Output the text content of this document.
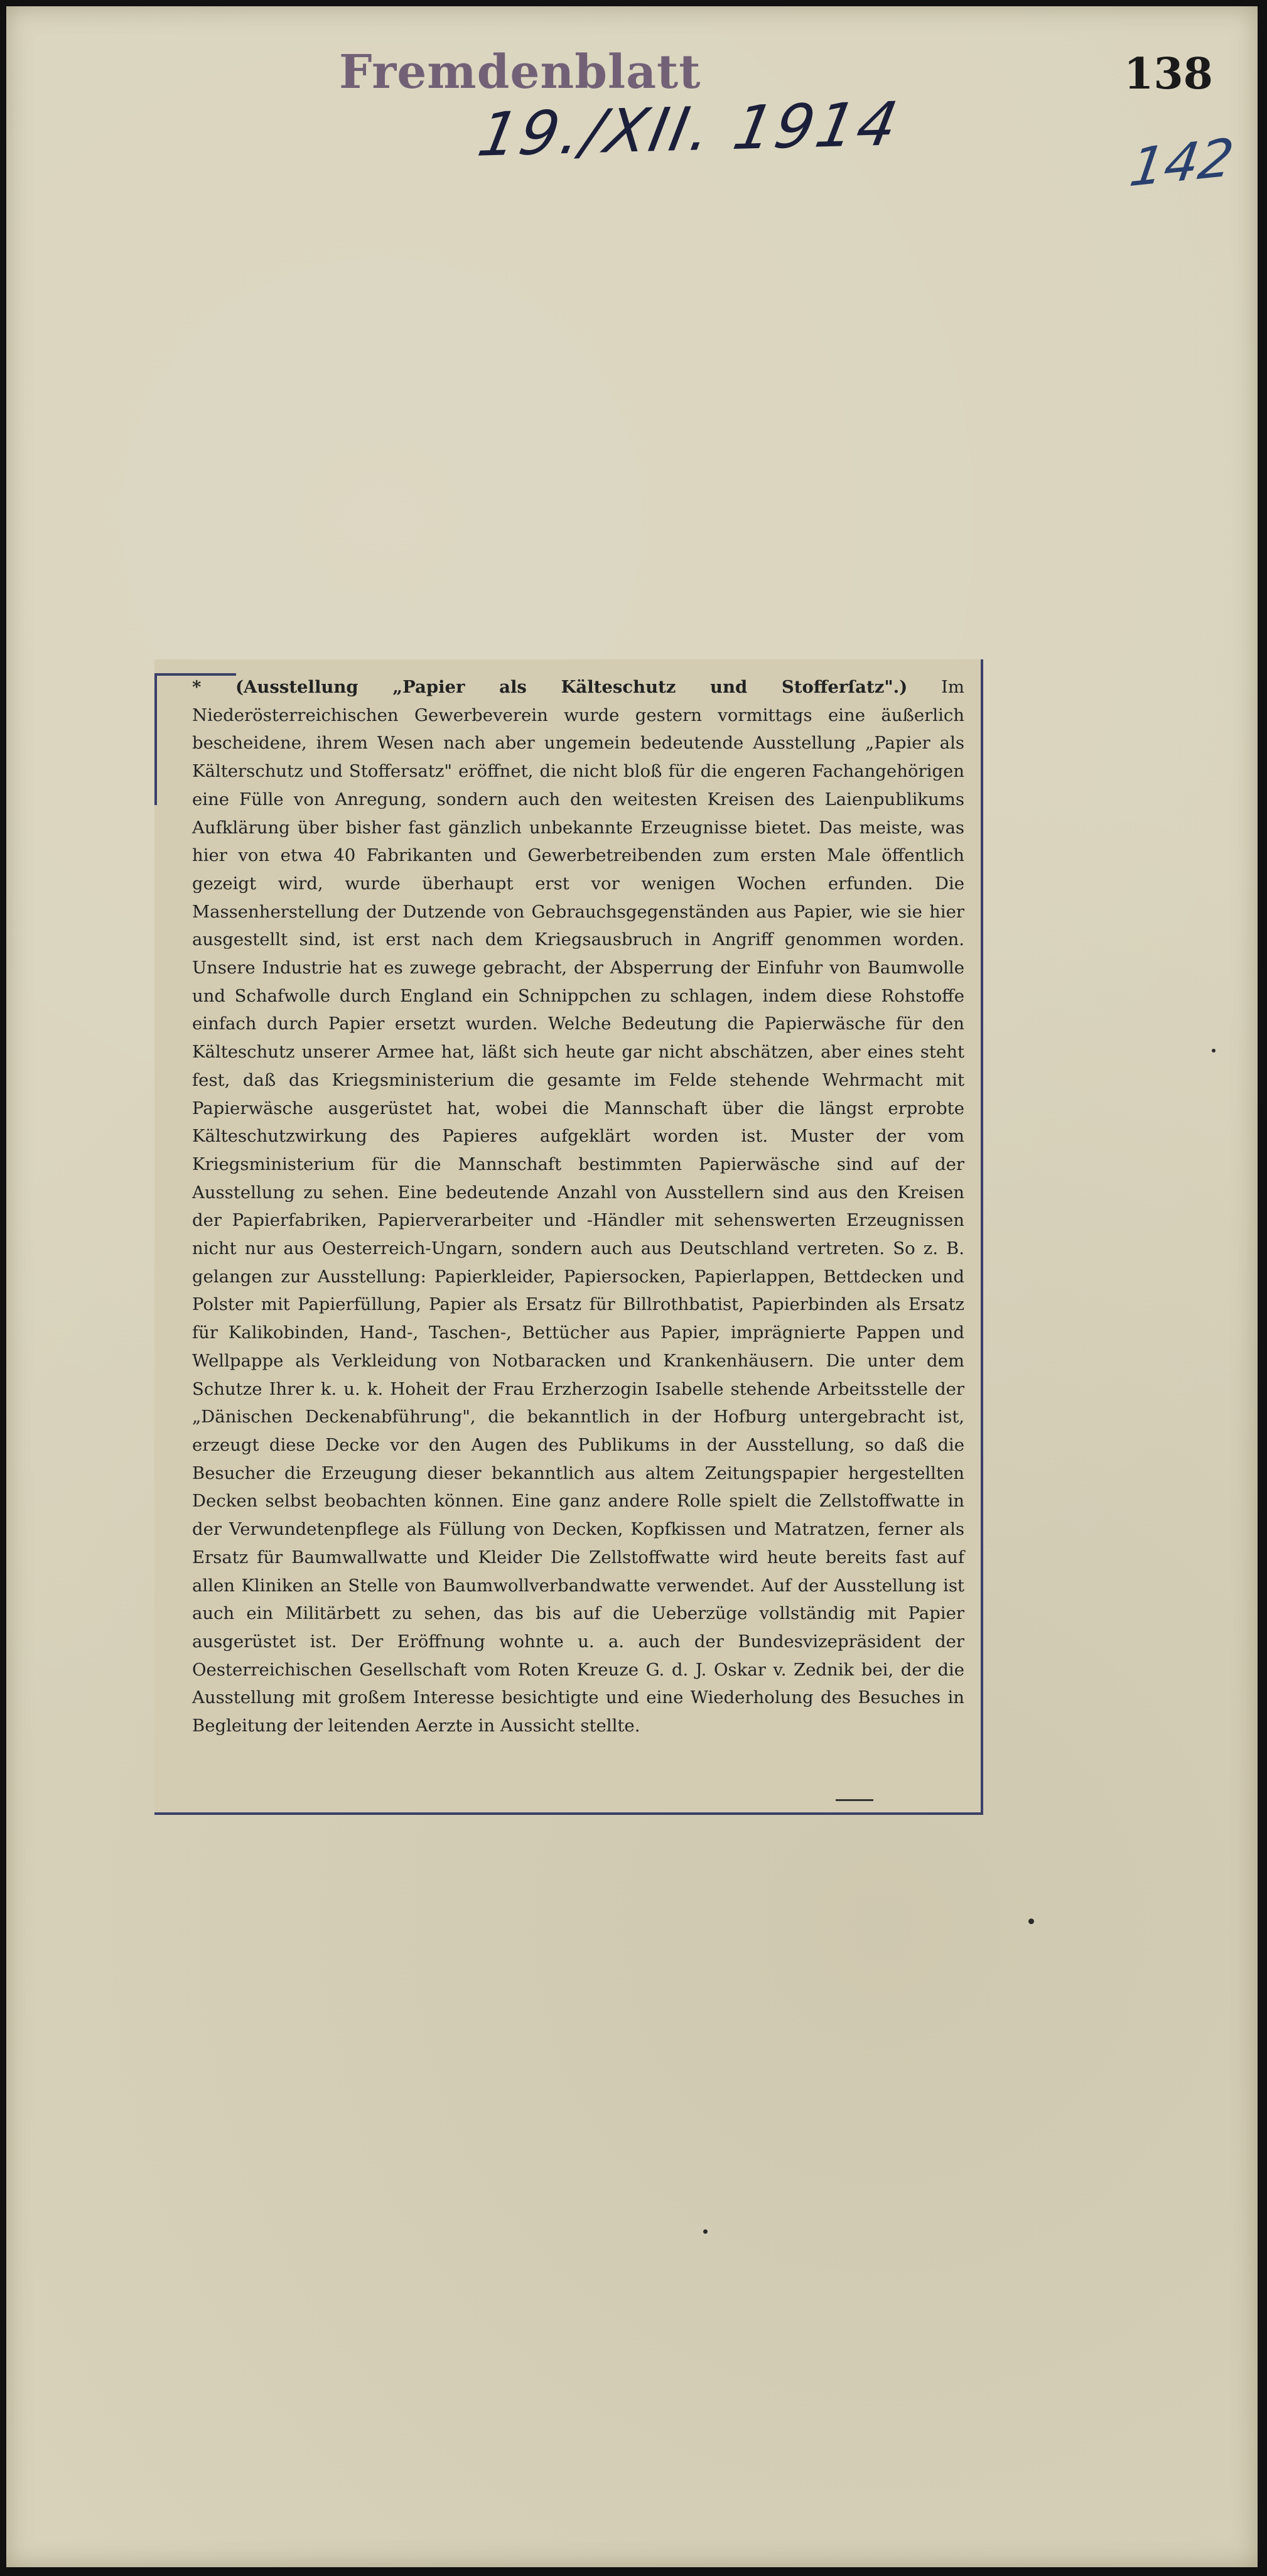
Fremdenblatt
19./XII. 1914
138
142

* (Ausstellung „Papier als Kälteschutz und Stofferſatz".) Im Niederösterreichischen Gewerbeverein wurde gestern vormittags eine äußerlich bescheidene, ihrem Wesen nach aber ungemein bedeutende Ausstellung „Papier als Kälterschutz und Stoffersatz" eröffnet, die nicht bloß für die engeren Fachangehörigen eine Fülle von Anregung, sondern auch den weitesten Kreisen des Laienpublikums Aufklärung über bisher fast gänzlich unbekannte Erzeugnisse bietet. Das meiste, was hier von etwa 40 Fabrikanten und Gewerbetreibenden zum ersten Male öffentlich gezeigt wird, wurde überhaupt erst vor wenigen Wochen erfunden. Die Massenherstellung der Dutzende von Gebrauchsgegenständen aus Papier, wie sie hier ausgestellt sind, ist erst nach dem Kriegsausbruch in Angriff genommen worden. Unsere Industrie hat es zuwege gebracht, der Absperrung der Einfuhr von Baumwolle und Schafwolle durch England ein Schnippchen zu schlagen, indem diese Rohstoffe einfach durch Papier ersetzt wurden. Welche Bedeutung die Papierwäsche für den Kälteschutz unserer Armee hat, läßt sich heute gar nicht abschätzen, aber eines steht fest, daß das Kriegsministerium die gesamte im Felde stehende Wehrmacht mit Papierwäsche ausgerüstet hat, wobei die Mannschaft über die längst erprobte Kälteschutzwirkung des Papieres aufgeklärt worden ist. Muster der vom Kriegsministerium für die Mannschaft bestimmten Papierwäsche sind auf der Ausstellung zu sehen. Eine bedeutende Anzahl von Ausstellern sind aus den Kreisen der Papierfabriken, Papierverarbeiter und -Händler mit sehenswerten Erzeugnissen nicht nur aus Oesterreich-Ungarn, sondern auch aus Deutschland vertreten. So z. B. gelangen zur Ausstellung: Papierkleider, Papiersocken, Papierlappen, Bettdecken und Polster mit Papierfüllung, Papier als Ersatz für Billrothbatist, Papierbinden als Ersatz für Kalikobinden, Hand-, Taschen-, Bettücher aus Papier, imprägnierte Pappen und Wellpappe als Verkleidung von Notbaracken und Krankenhäusern. Die unter dem Schutze Ihrer k. u. k. Hoheit der Frau Erzherzogin Isabelle stehende Arbeitsstelle der „Dänischen Deckenabführung", die bekanntlich in der Hofburg untergebracht ist, erzeugt diese Decke vor den Augen des Publikums in der Ausstellung, so daß die Besucher die Erzeugung dieser bekanntlich aus altem Zeitungspapier hergestellten Decken selbst beobachten können. Eine ganz andere Rolle spielt die Zellstoffwatte in der Verwundetenpflege als Füllung von Decken, Kopfkissen und Matratzen, ferner als Ersatz für Baumwallwatte und Kleider Die Zellstoffwatte wird heute bereits fast auf allen Kliniken an Stelle von Baumwollverbandwatte verwendet. Auf der Ausstellung ist auch ein Militärbett zu sehen, das bis auf die Ueberzüge vollständig mit Papier ausgerüstet ist. Der Eröffnung wohnte u. a. auch der Bundesvizepräsident der Oesterreichischen Gesellschaft vom Roten Kreuze G. d. J. Oskar v. Zednik bei, der die Ausstellung mit großem Interesse besichtigte und eine Wiederholung des Besuches in Begleitung der leitenden Aerzte in Aussicht stellte.
